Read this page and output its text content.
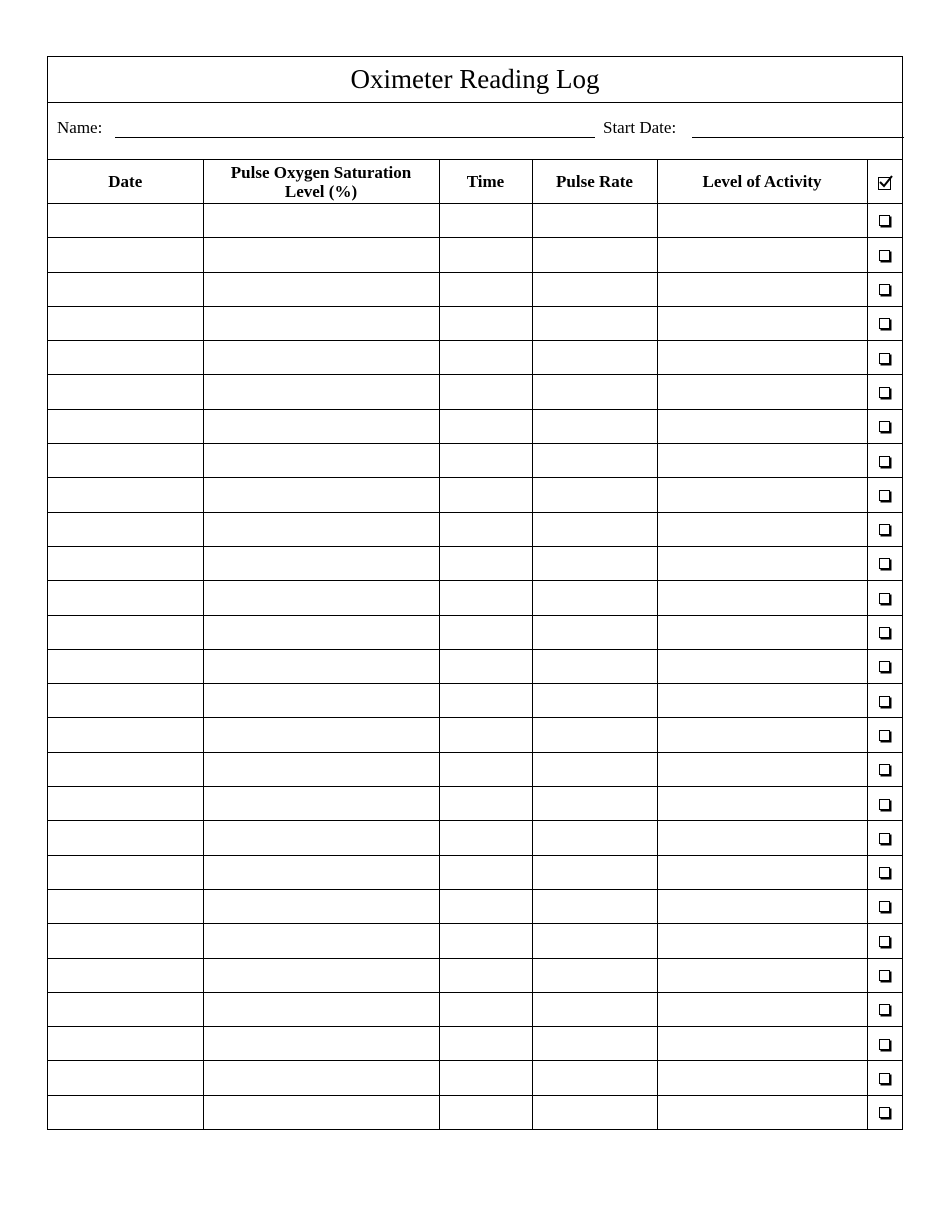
Oximeter Reading Log
Name:	Start Date:
Date	Pulse Oxygen Saturation Level (%)	Time	Pulse Rate	Level of Activity	
